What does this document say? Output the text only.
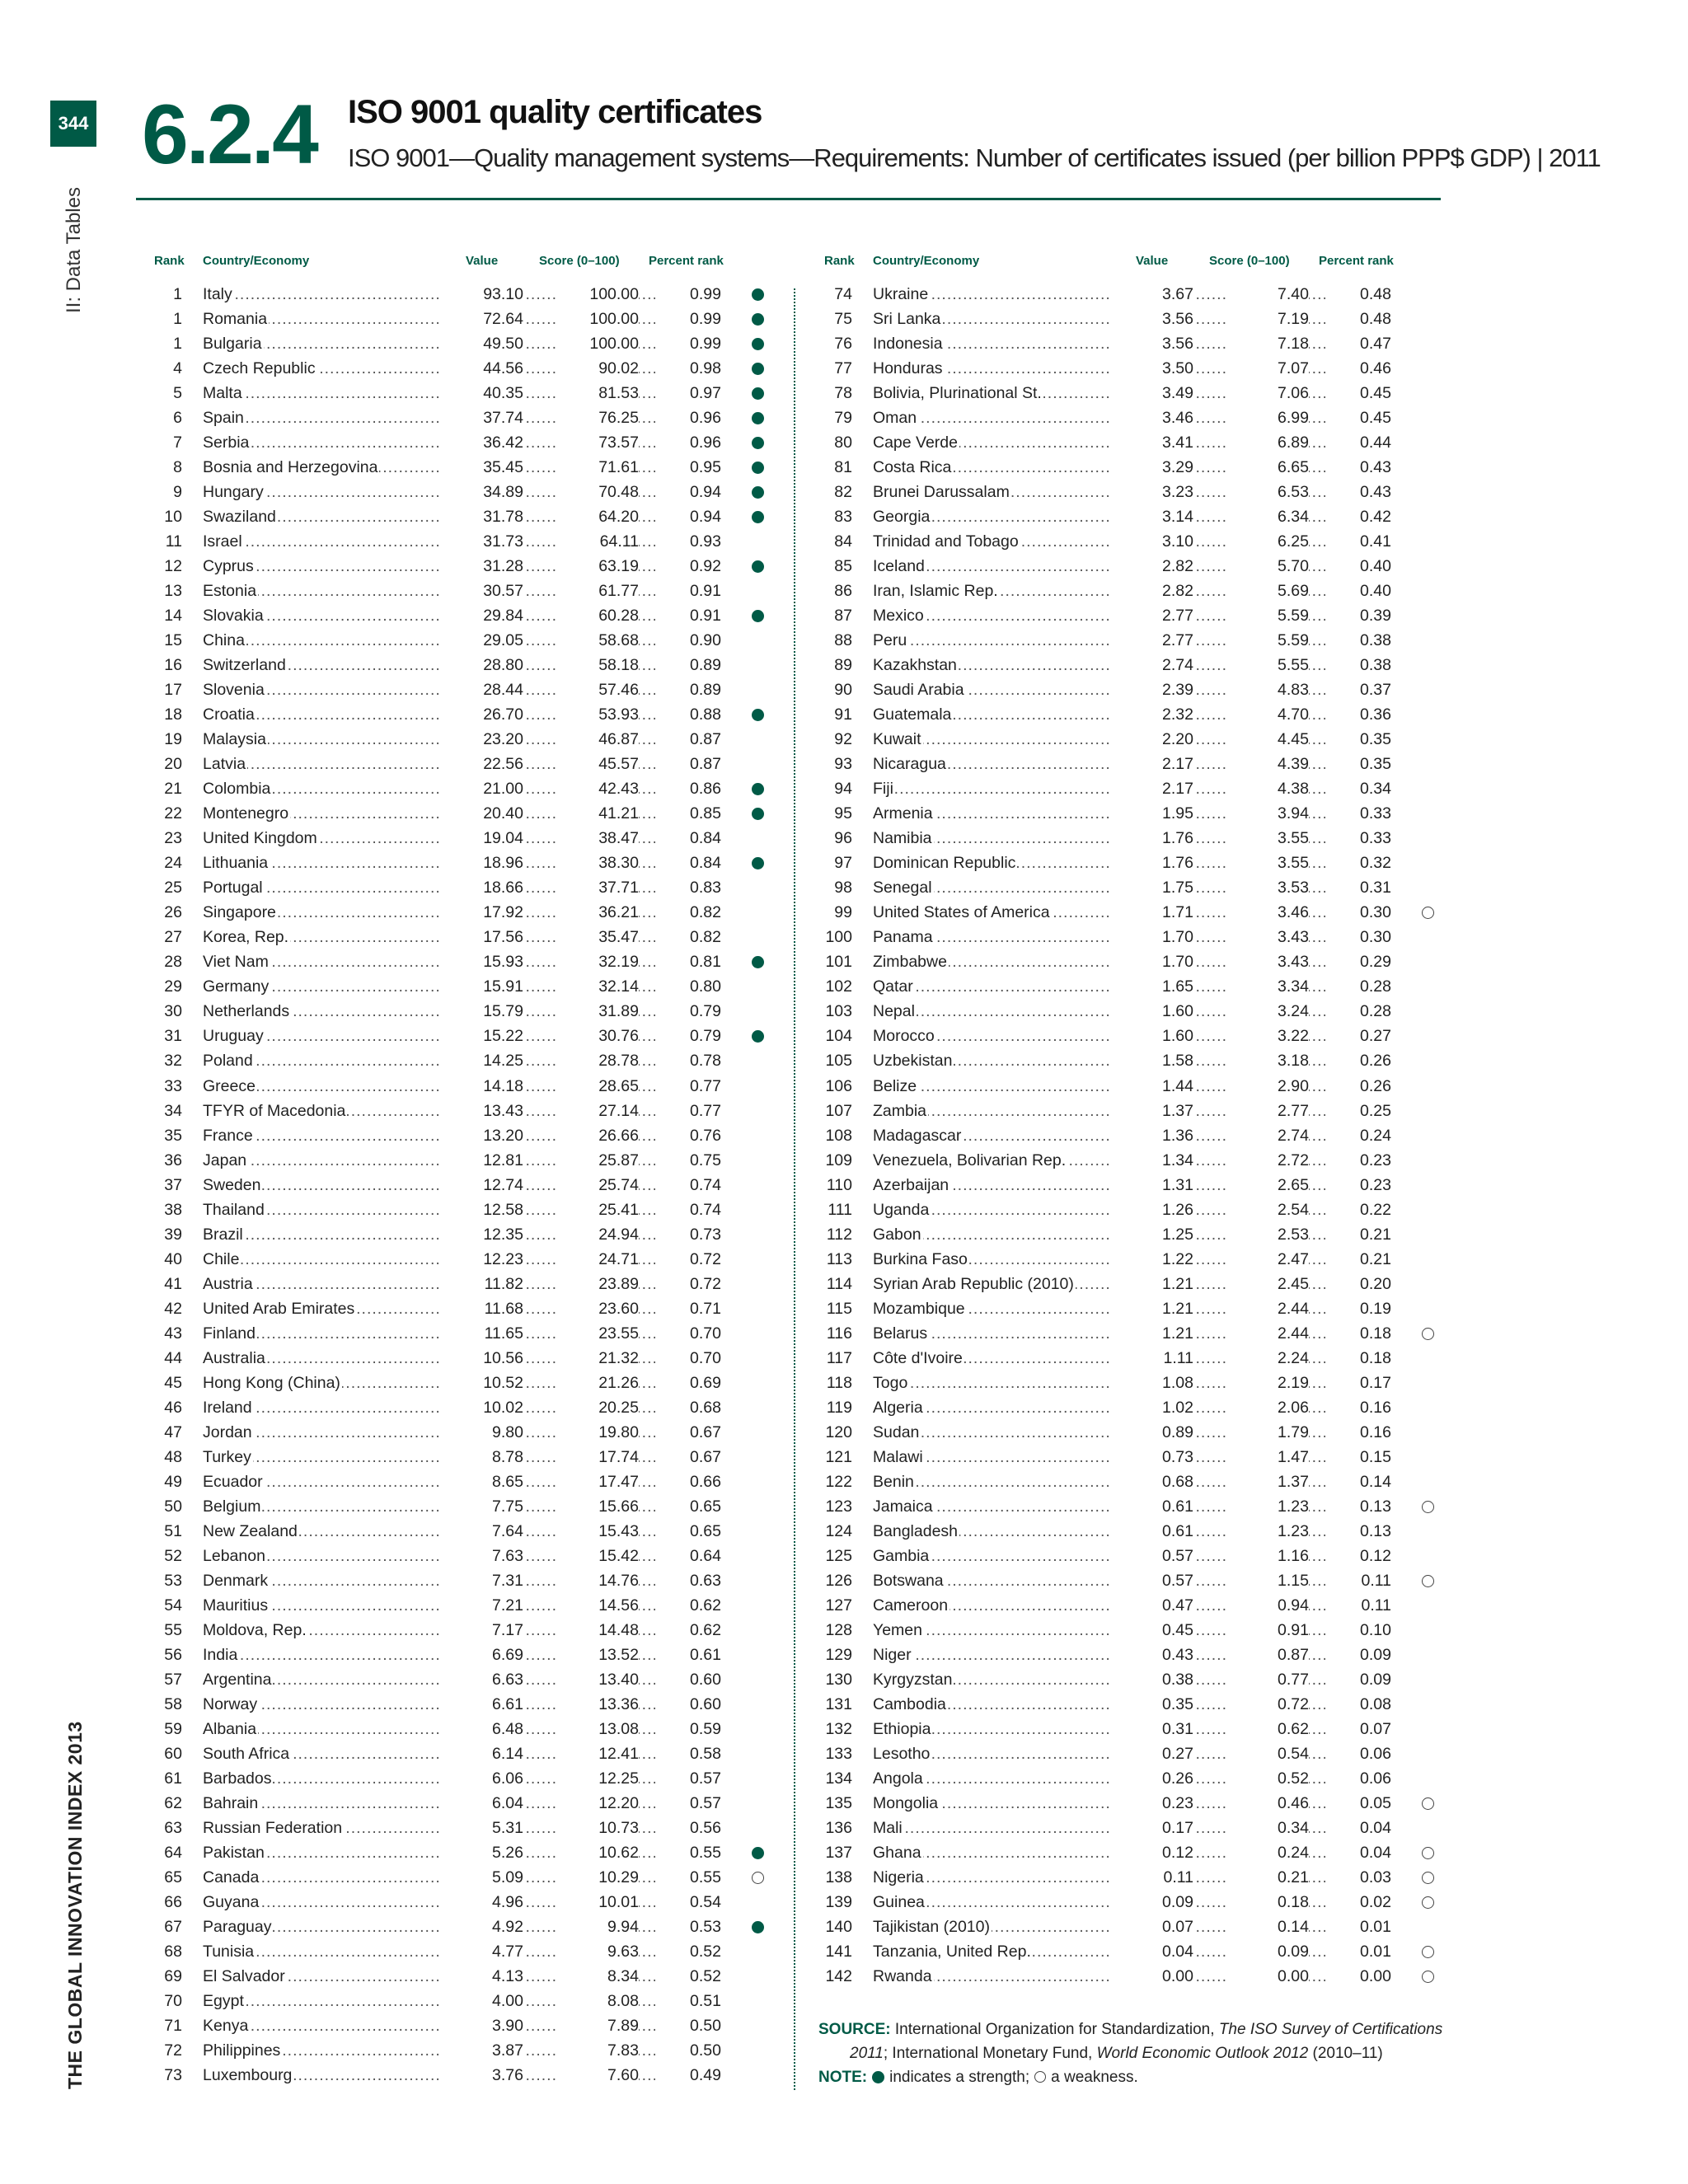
344
II: Data Tables
THE GLOBAL INNOVATION INDEX 2013
6.2.4 ISO 9001 quality certificates
ISO 9001—Quality management systems—Requirements: Number of certificates issued (per billion PPP$ GDP) | 2011
Rank Country/Economy	Value	Score (0–100) Percent rank	Rank Country/Economy	Value	Score (0–100) Percent rank
1 Italy	93.10	100.00	0.99
1 Romania	72.64	100.00	0.99
1 Bulgaria	49.50	100.00	0.99
4 Czech Republic	44.56	90.02	0.98
5 Malta	40.35	81.53	0.97
6 Spain	37.74	76.25	0.96
7 Serbia	36.42	73.57	0.96
8 Bosnia and Herzegovina	35.45	71.61	0.95
9 Hungary	34.89	70.48	0.94
10 Swaziland	31.78	64.20	0.94
11 Israel	31.73	64.11	0.93
12 Cyprus	31.28	63.19	0.92
13 Estonia	30.57	61.77	0.91
14 Slovakia	29.84	60.28	0.91
15 China	29.05	58.68	0.90
16 Switzerland	28.80	58.18	0.89
17 Slovenia	28.44	57.46	0.89
18 Croatia	26.70	53.93	0.88
19 Malaysia	23.20	46.87	0.87
20 Latvia	22.56	45.57	0.87
21 Colombia	21.00	42.43	0.86
22 Montenegro	20.40	41.21	0.85
23 United Kingdom	19.04	38.47	0.84
24 Lithuania	18.96	38.30	0.84
25 Portugal	18.66	37.71	0.83
26 Singapore	17.92	36.21	0.82
27 Korea, Rep.	17.56	35.47	0.82
28 Viet Nam	15.93	32.19	0.81
29 Germany	15.91	32.14	0.80
30 Netherlands	15.79	31.89	0.79
31 Uruguay	15.22	30.76	0.79
32 Poland	14.25	28.78	0.78
33 Greece	14.18	28.65	0.77
34 TFYR of Macedonia	13.43	27.14	0.77
35 France	13.20	26.66	0.76
36 Japan	12.81	25.87	0.75
37 Sweden	12.74	25.74	0.74
38 Thailand	12.58	25.41	0.74
39 Brazil	12.35	24.94	0.73
40 Chile	12.23	24.71	0.72
41 Austria	11.82	23.89	0.72
42 United Arab Emirates	11.68	23.60	0.71
43 Finland	11.65	23.55	0.70
44 Australia	10.56	21.32	0.70
45 Hong Kong (China)	10.52	21.26	0.69
46 Ireland	10.02	20.25	0.68
47 Jordan	9.80	19.80	0.67
48 Turkey	8.78	17.74	0.67
49 Ecuador	8.65	17.47	0.66
50 Belgium	7.75	15.66	0.65
51 New Zealand	7.64	15.43	0.65
52 Lebanon	7.63	15.42	0.64
53 Denmark	7.31	14.76	0.63
54 Mauritius	7.21	14.56	0.62
55 Moldova, Rep.	7.17	14.48	0.62
56 India	6.69	13.52	0.61
57 Argentina	6.63	13.40	0.60
58 Norway	6.61	13.36	0.60
59 Albania	6.48	13.08	0.59
60 South Africa	6.14	12.41	0.58
61 Barbados	6.06	12.25	0.57
62 Bahrain	6.04	12.20	0.57
63 Russian Federation	5.31	10.73	0.56
64 Pakistan	5.26	10.62	0.55
65 Canada	5.09	10.29	0.55
66 Guyana	4.96	10.01	0.54
67 Paraguay	4.92	9.94	0.53
68 Tunisia	4.77	9.63	0.52
69 El Salvador	4.13	8.34	0.52
70 Egypt	4.00	8.08	0.51
71 Kenya	3.90	7.89	0.50
72 Philippines	3.87	7.83	0.50
73 Luxembourg	3.76	7.60	0.49
74 Ukraine	3.67	7.40	0.48
75 Sri Lanka	3.56	7.19	0.48
76 Indonesia	3.56	7.18	0.47
77 Honduras	3.50	7.07	0.46
78 Bolivia, Plurinational St.	3.49	7.06	0.45
79 Oman	3.46	6.99	0.45
80 Cape Verde	3.41	6.89	0.44
81 Costa Rica	3.29	6.65	0.43
82 Brunei Darussalam	3.23	6.53	0.43
83 Georgia	3.14	6.34	0.42
84 Trinidad and Tobago	3.10	6.25	0.41
85 Iceland	2.82	5.70	0.40
86 Iran, Islamic Rep.	2.82	5.69	0.40
87 Mexico	2.77	5.59	0.39
88 Peru	2.77	5.59	0.38
89 Kazakhstan	2.74	5.55	0.38
90 Saudi Arabia	2.39	4.83	0.37
91 Guatemala	2.32	4.70	0.36
92 Kuwait	2.20	4.45	0.35
93 Nicaragua	2.17	4.39	0.35
94 Fiji	2.17	4.38	0.34
95 Armenia	1.95	3.94	0.33
96 Namibia	1.76	3.55	0.33
97 Dominican Republic	1.76	3.55	0.32
98 Senegal	1.75	3.53	0.31
99 United States of America	1.71	3.46	0.30
100 Panama	1.70	3.43	0.30
101 Zimbabwe	1.70	3.43	0.29
102 Qatar	1.65	3.34	0.28
103 Nepal	1.60	3.24	0.28
104 Morocco	1.60	3.22	0.27
105 Uzbekistan	1.58	3.18	0.26
106 Belize	1.44	2.90	0.26
107 Zambia	1.37	2.77	0.25
108 Madagascar	1.36	2.74	0.24
109 Venezuela, Bolivarian Rep.	1.34	2.72	0.23
110 Azerbaijan	1.31	2.65	0.23
111 Uganda	1.26	2.54	0.22
112 Gabon	1.25	2.53	0.21
113 Burkina Faso	1.22	2.47	0.21
114 Syrian Arab Republic (2010)	1.21	2.45	0.20
115 Mozambique	1.21	2.44	0.19
116 Belarus	1.21	2.44	0.18
117 Côte d'Ivoire	1.11	2.24	0.18
118 Togo	1.08	2.19	0.17
119 Algeria	1.02	2.06	0.16
120 Sudan	0.89	1.79	0.16
121 Malawi	0.73	1.47	0.15
122 Benin	0.68	1.37	0.14
123 Jamaica	0.61	1.23	0.13
124 Bangladesh	0.61	1.23	0.13
125 Gambia	0.57	1.16	0.12
126 Botswana	0.57	1.15	0.11
127 Cameroon	0.47	0.94	0.11
128 Yemen	0.45	0.91	0.10
129 Niger	0.43	0.87	0.09
130 Kyrgyzstan	0.38	0.77	0.09
131 Cambodia	0.35	0.72	0.08
132 Ethiopia	0.31	0.62	0.07
133 Lesotho	0.27	0.54	0.06
134 Angola	0.26	0.52	0.06
135 Mongolia	0.23	0.46	0.05
136 Mali	0.17	0.34	0.04
137 Ghana	0.12	0.24	0.04
138 Nigeria	0.11	0.21	0.03
139 Guinea	0.09	0.18	0.02
140 Tajikistan (2010)	0.07	0.14	0.01
141 Tanzania, United Rep.	0.04	0.09	0.01
142 Rwanda	0.00	0.00	0.00
SOURCE: International Organization for Standardization, The ISO Survey of Certifications
2011; International Monetary Fund, World Economic Outlook 2012 (2010–11)
NOTE: indicates a strength; a weakness.
